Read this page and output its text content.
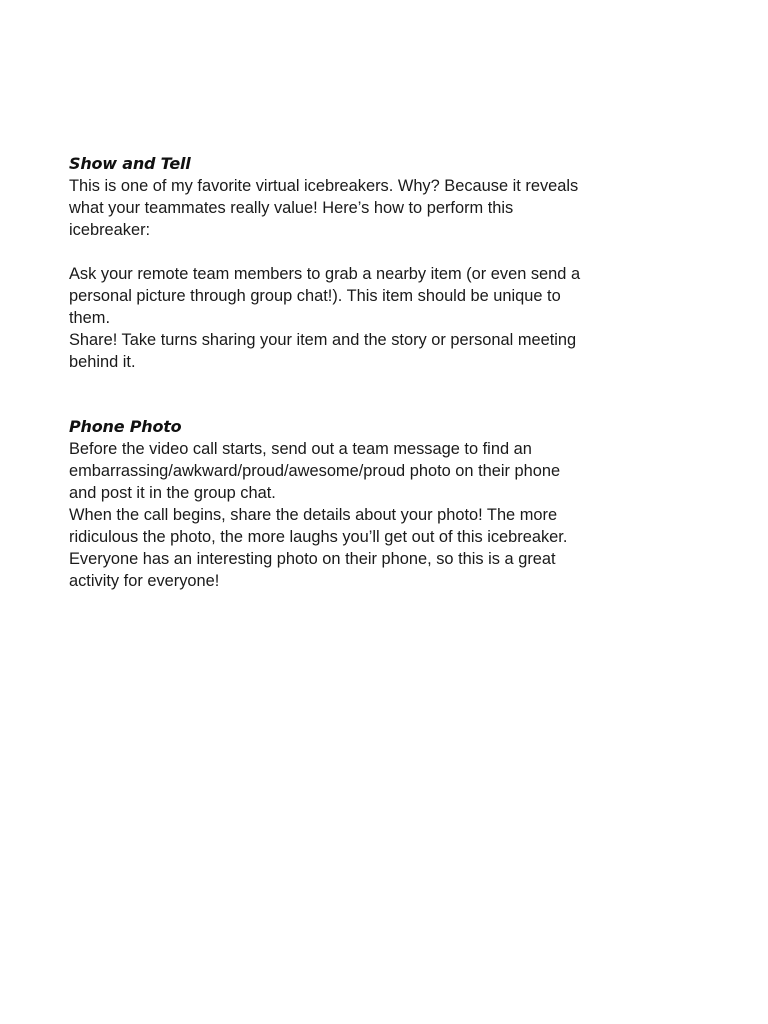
Show and Tell
This is one of my favorite virtual icebreakers. Why? Because it reveals
what your teammates really value! Here’s how to perform this
icebreaker:
Ask your remote team members to grab a nearby item (or even send a
personal picture through group chat!). This item should be unique to
them.
Share! Take turns sharing your item and the story or personal meeting
behind it.
Phone Photo
Before the video call starts, send out a team message to find an
embarrassing/awkward/proud/awesome/proud photo on their phone
and post it in the group chat.
When the call begins, share the details about your photo! The more
ridiculous the photo, the more laughs you’ll get out of this icebreaker.
Everyone has an interesting photo on their phone, so this is a great
activity for everyone!
